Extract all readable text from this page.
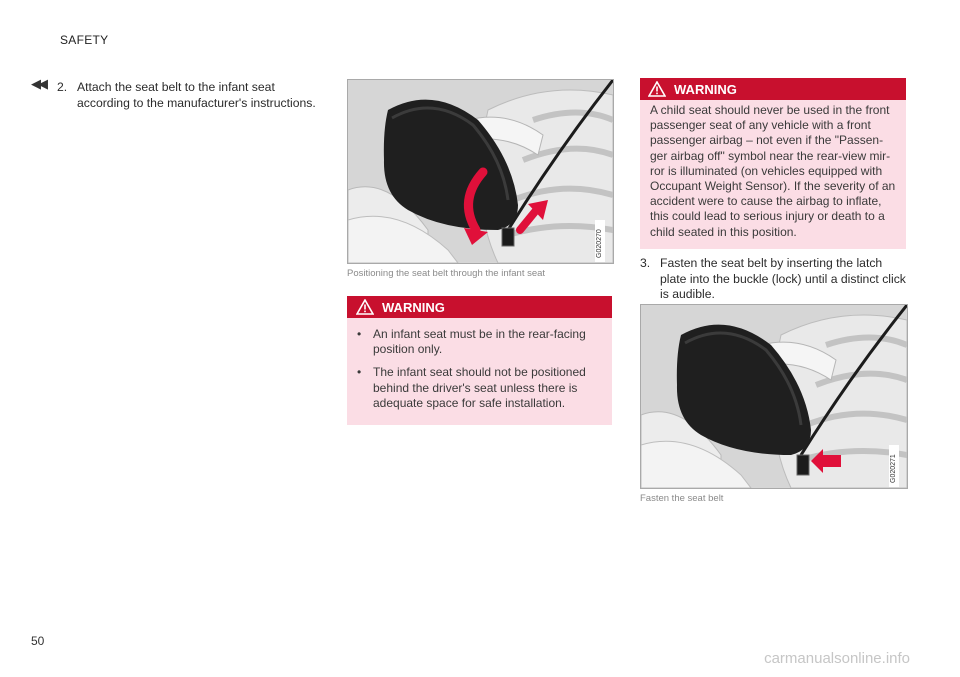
SAFETY
◀◀ 2. Attach the seat belt to the infant seat according to the manufacturer's instructions.
G020270
Positioning the seat belt through the infant seat
WARNING
• An infant seat must be in the rear-facing position only.
• The infant seat should not be positioned behind the driver's seat unless there is adequate space for safe installation.
WARNING
A child seat should never be used in the front passenger seat of any vehicle with a front passenger airbag – not even if the "Passen-ger airbag off" symbol near the rear-view mir-ror is illuminated (on vehicles equipped with Occupant Weight Sensor). If the severity of an accident were to cause the airbag to inflate, this could lead to serious injury or death to a child seated in this position.
3. Fasten the seat belt by inserting the latch plate into the buckle (lock) until a distinct click is audible.
G020271
Fasten the seat belt
50
carmanualsonline.info
